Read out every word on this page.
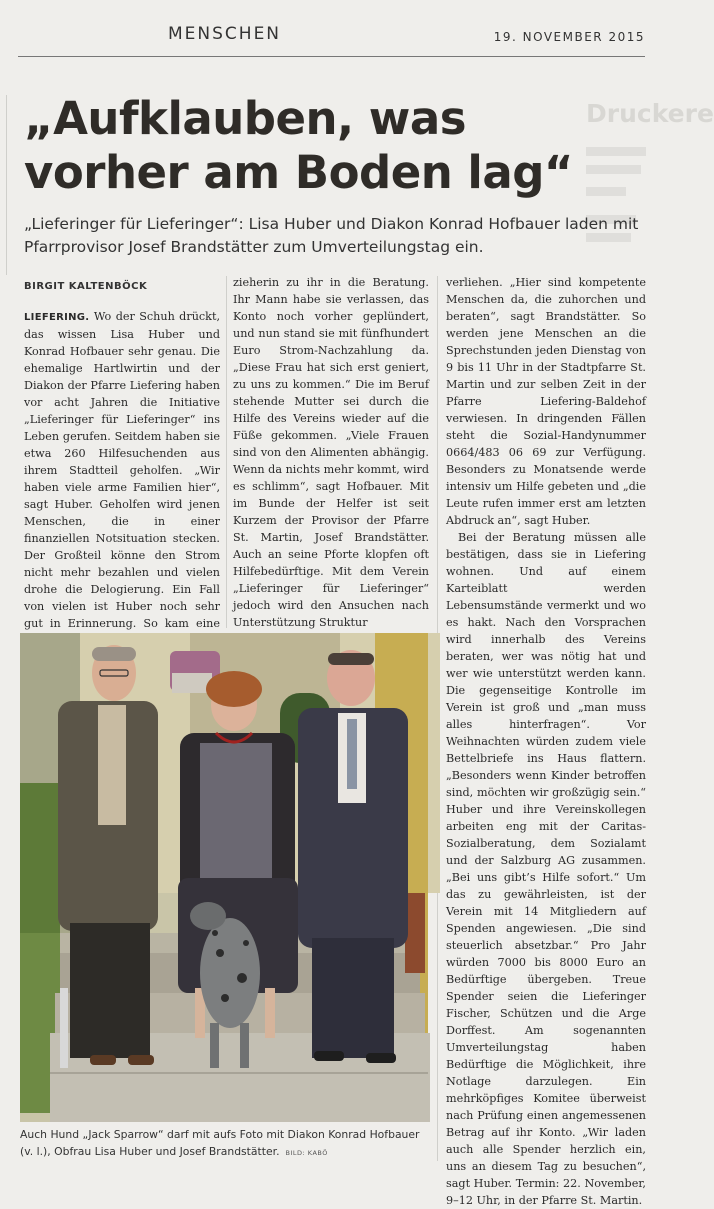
MENSCHEN	19. NOVEMBER 2015
Druckere
„Aufklauben, was vorher am Boden lag“

„Lieferinger für Lieferinger“: Lisa Huber und Diakon Konrad Hofbauer laden mit Pfarrprovisor Josef Brandstätter zum Umverteilungstag ein.

BIRGIT KALTENBÖCK

LIEFERING. Wo der Schuh drückt, das wissen Lisa Huber und Konrad Hofbauer sehr genau. Die ehemalige Hartlwirtin und der Diakon der Pfarre Liefering haben vor acht Jahren die Initiative „Lieferinger für Lieferinger“ ins Leben gerufen. Seitdem haben sie etwa 260 Hilfesuchenden aus ihrem Stadtteil geholfen. „Wir haben viele arme Familien hier“, sagt Huber. Geholfen wird jenen Menschen, die in einer finanziellen Notsituation stecken. Der Großteil könne den Strom nicht mehr bezahlen und vielen drohe die Delogierung. Ein Fall von vielen ist Huber noch sehr gut in Erinnerung. So kam eine

zieherin zu ihr in die Beratung. Ihr Mann habe sie verlassen, das Konto noch vorher geplündert, und nun stand sie mit fünfhundert Euro Strom-Nachzahlung da. „Diese Frau hat sich erst geniert, zu uns zu kommen.“ Die im Beruf stehende Mutter sei durch die Hilfe des Vereins wieder auf die Füße gekommen. „Viele Frauen sind von den Alimenten abhängig. Wenn da nichts mehr kommt, wird es schlimm“, sagt Hofbauer. Mit im Bunde der Helfer ist seit Kurzem der Provisor der Pfarre St. Martin, Josef Brandstätter. Auch an seine Pforte klopfen oft Hilfebedürftige. Mit dem Verein „Lieferinger für Lieferinger“ jedoch wird den Ansuchen nach Unterstützung Struktur

verliehen. „Hier sind kompetente Menschen da, die zuhorchen und beraten“, sagt Brandstätter. So werden jene Menschen an die Sprechstunden jeden Dienstag von 9 bis 11 Uhr in der Stadtpfarre St. Martin und zur selben Zeit in der Pfarre Liefering-Baldehof verwiesen. In dringenden Fällen steht die Sozial-Handynummer 0664/483 06 69 zur Verfügung. Besonders zu Monatsende werde intensiv um Hilfe gebeten und „die Leute rufen immer erst am letzten Abdruck an“, sagt Huber.

Bei der Beratung müssen alle bestätigen, dass sie in Liefering wohnen. Und auf einem Karteiblatt werden Lebensumstände vermerkt und wo es hakt. Nach den Vorsprachen wird innerhalb des Vereins beraten, wer was nötig hat und wer wie unterstützt werden kann. Die gegenseitige Kontrolle im Verein ist groß und „man muss alles hinterfragen“. Vor Weihnachten würden zudem viele Bettelbriefe ins Haus flattern. „Besonders wenn Kinder betroffen sind, möchten wir großzügig sein.“ Huber und ihre Vereinskollegen arbeiten eng mit der Caritas-Sozialberatung, dem Sozialamt und der Salzburg AG zusammen. „Bei uns gibt’s Hilfe sofort.“ Um das zu gewährleisten, ist der Verein mit 14 Mitgliedern auf Spenden angewiesen. „Die sind steuerlich absetzbar.“ Pro Jahr würden 7000 bis 8000 Euro an Bedürftige übergeben. Treue Spender seien die Lieferinger Fischer, Schützen und die Arge Dorffest. Am sogenannten Umverteilungstag haben Bedürftige die Möglichkeit, ihre Notlage darzulegen. Ein mehrköpfiges Komitee überweist nach Prüfung einen angemessenen Betrag auf ihr Konto. „Wir laden auch alle Spender herzlich ein, uns an diesem Tag zu besuchen“, sagt Huber. Termin: 22. November, 9–12 Uhr, in der Pfarre St. Martin.

Auch Hund „Jack Sparrow“ darf mit aufs Foto mit Diakon Konrad Hofbauer (v. l.), Obfrau Lisa Huber und Josef Brandstätter. BILD: KABÖ
